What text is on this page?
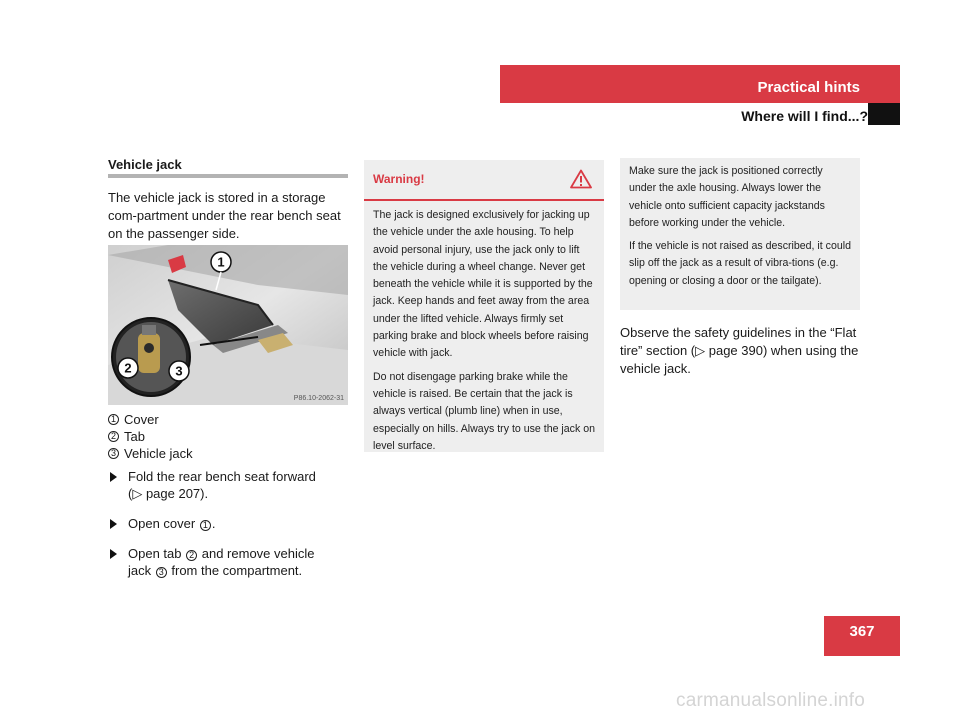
Practical hints
Where will I find...?
Vehicle jack
The vehicle jack is stored in a storage com-partment under the rear bench seat on the passenger side.
1
2	3
P86.10-2062-31
1 Cover
2 Tab
3 Vehicle jack
Fold the rear bench seat forward
(▷ page 207).
Open cover 1 .
Open tab 2 and remove vehicle
jack 3 from the compartment.
Warning!

The jack is designed exclusively for jacking up the vehicle under the axle housing. To help avoid personal injury, use the jack only to lift the vehicle during a wheel change. Never get beneath the vehicle while it is supported by the jack. Keep hands and feet away from the area under the lifted vehicle. Always firmly set parking brake and block wheels before raising vehicle with jack.

Do not disengage parking brake while the vehicle is raised. Be certain that the jack is always vertical (plumb line) when in use, especially on hills. Always try to use the jack on level surface.

Make sure the jack is positioned correctly under the axle housing. Always lower the vehicle onto sufficient capacity jackstands before working under the vehicle.

If the vehicle is not raised as described, it could slip off the jack as a result of vibra-tions (e.g. opening or closing a door or the tailgate).

Observe the safety guidelines in the “Flat tire” section (▷ page 390) when using the vehicle jack.
367
carmanualsonline.info
